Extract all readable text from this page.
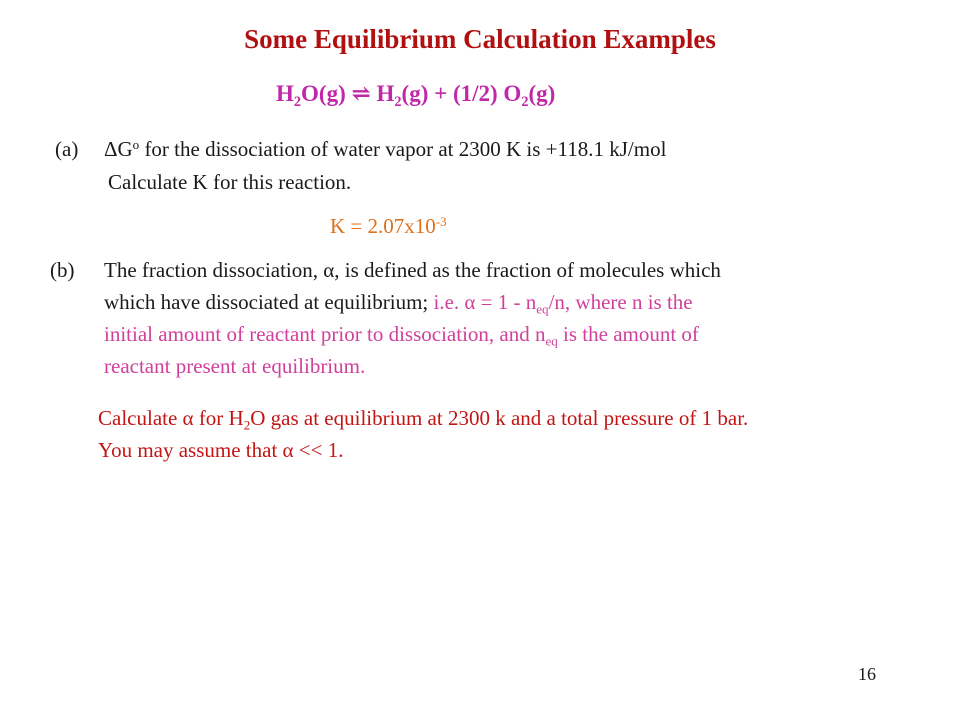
Some Equilibrium Calculation Examples
$H_2O(g)$ ⇌ $H_2(g) + (1/2)$ $O_2(g)$
(a) $\Delta G^o$ for the dissociation of water vapor at 2300 K is +118.1 kJ/mol
Calculate K for this reaction.
$K = 2.07x10^{-3}$
(b) The fraction dissociation, α, is defined as the fraction of molecules which
which have dissociated at equilibrium; i.e. $\alpha = 1 - n_{eq}/n$, where n is the
initial amount of reactant prior to dissociation, and $n_{eq}$ is the amount of
reactant present at equilibrium.
Calculate α for $H_2O$ gas at equilibrium at 2300 k and a total pressure of 1 bar.
You may assume that α << 1.
16
